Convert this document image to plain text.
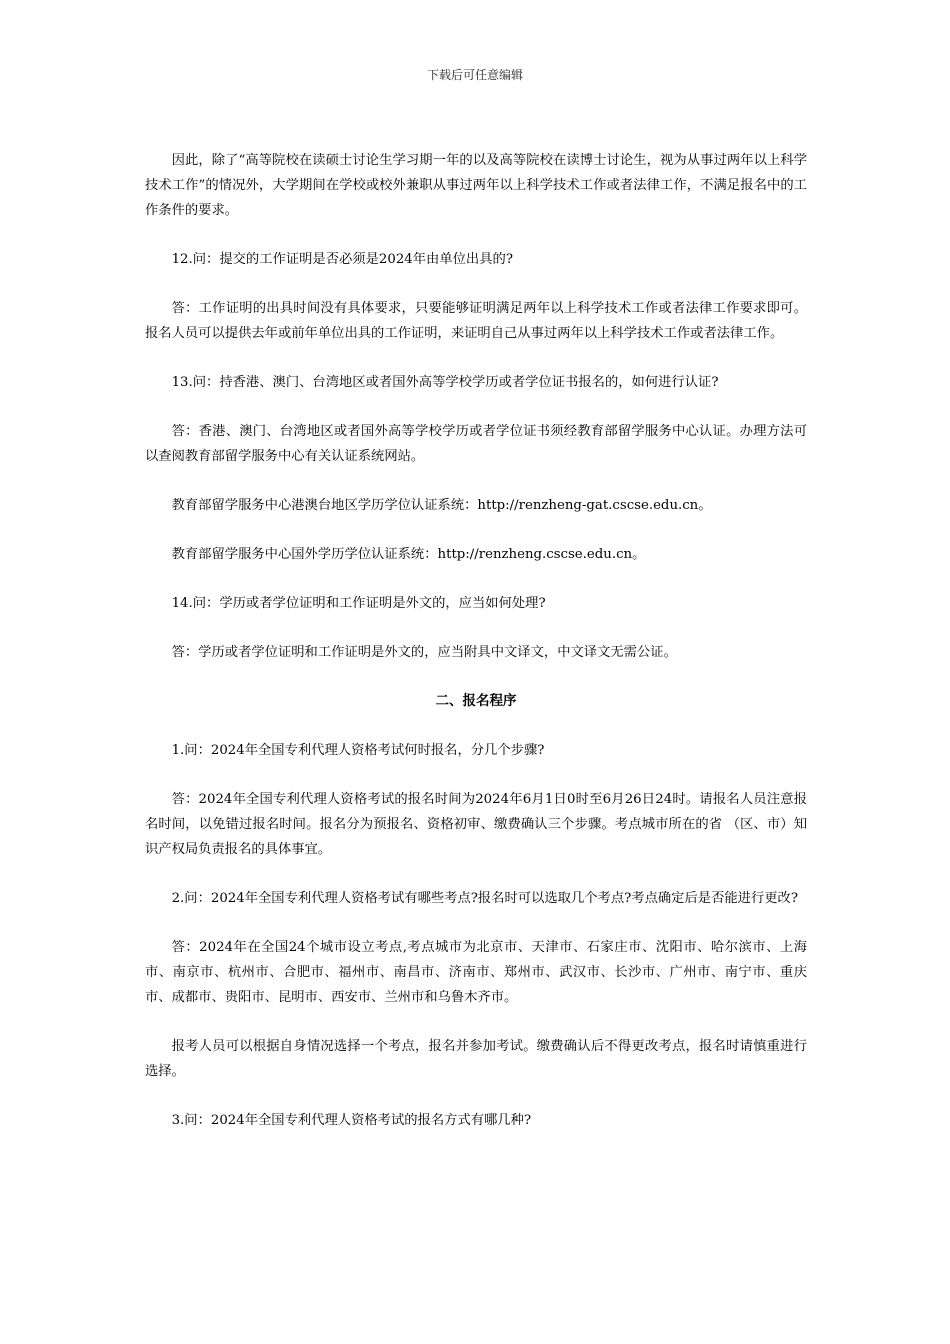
下载后可任意编辑

因此，除了“高等院校在读硕士讨论生学习期一年的以及高等院校在读博士讨论生，视为从事过两年以上科学技术工作”的情况外，大学期间在学校或校外兼职从事过两年以上科学技术工作或者法律工作，不满足报名中的工作条件的要求。

12.问：提交的工作证明是否必须是2024年由单位出具的?

答：工作证明的出具时间没有具体要求，只要能够证明满足两年以上科学技术工作或者法律工作要求即可。报名人员可以提供去年或前年单位出具的工作证明，来证明自己从事过两年以上科学技术工作或者法律工作。

13.问：持香港、澳门、台湾地区或者国外高等学校学历或者学位证书报名的，如何进行认证?

答：香港、澳门、台湾地区或者国外高等学校学历或者学位证书须经教育部留学服务中心认证。办理方法可以查阅教育部留学服务中心有关认证系统网站。

教育部留学服务中心港澳台地区学历学位认证系统：http://renzheng-gat.cscse.edu.cn。

教育部留学服务中心国外学历学位认证系统：http://renzheng.cscse.edu.cn。

14.问：学历或者学位证明和工作证明是外文的，应当如何处理?

答：学历或者学位证明和工作证明是外文的，应当附具中文译文，中文译文无需公证。

二、报名程序

1.问：2024年全国专利代理人资格考试何时报名，分几个步骤?

答：2024年全国专利代理人资格考试的报名时间为2024年6月1日0时至6月26日24时。请报名人员注意报名时间，以免错过报名时间。报名分为预报名、资格初审、缴费确认三个步骤。考点城市所在的省 （区、市）知识产权局负责报名的具体事宜。

2.问：2024年全国专利代理人资格考试有哪些考点?报名时可以选取几个考点?考点确定后是否能进行更改?

答：2024年在全国24个城市设立考点,考点城市为北京市、天津市、石家庄市、沈阳市、哈尔滨市、上海市、南京市、杭州市、合肥市、福州市、南昌市、济南市、郑州市、武汉市、长沙市、广州市、南宁市、重庆市、成都市、贵阳市、昆明市、西安市、兰州市和乌鲁木齐市。

报考人员可以根据自身情况选择一个考点，报名并参加考试。缴费确认后不得更改考点，报名时请慎重进行选择。

3.问：2024年全国专利代理人资格考试的报名方式有哪几种?
